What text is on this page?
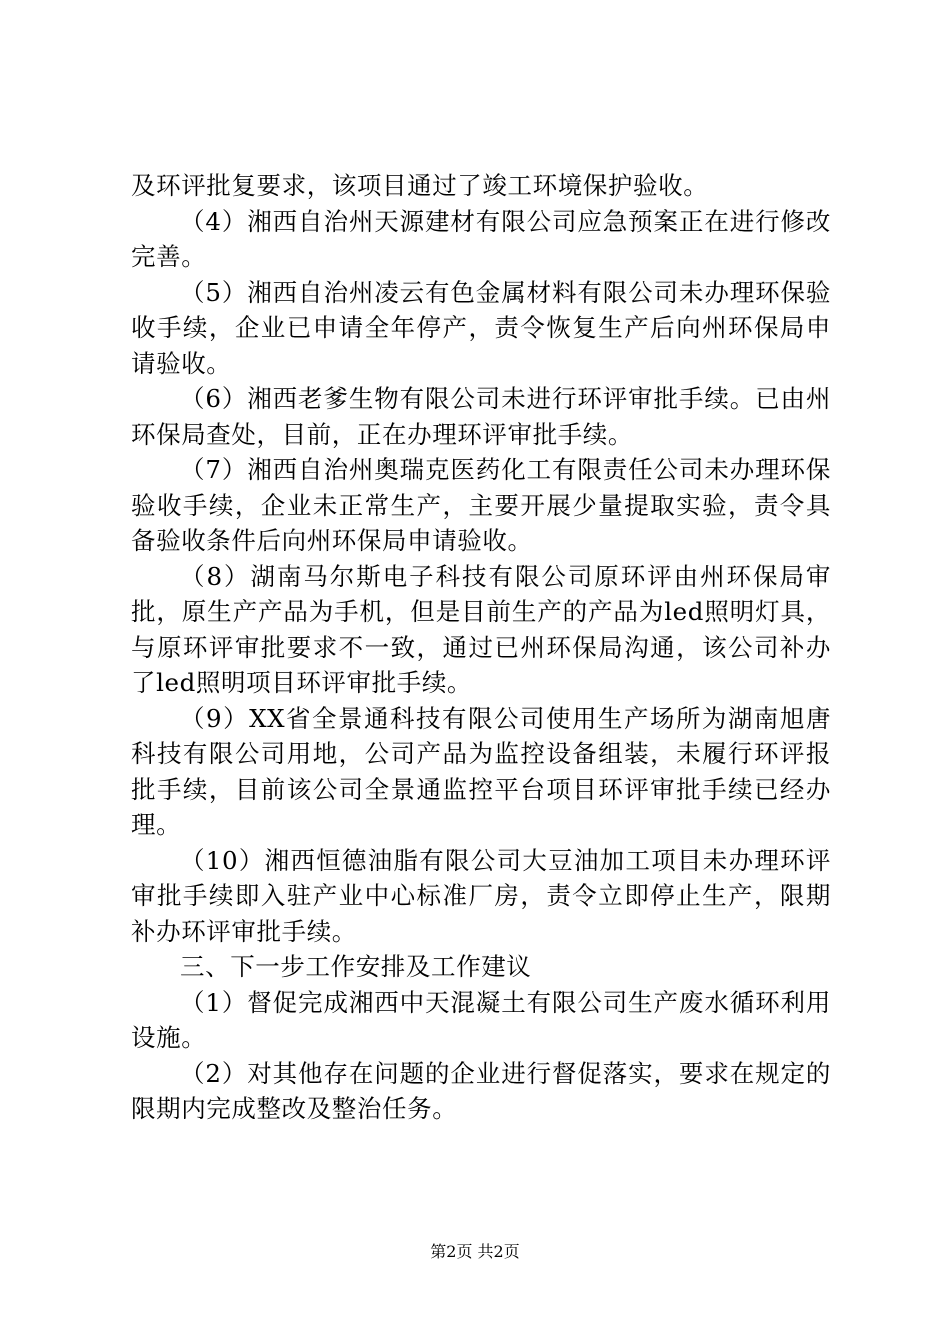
及环评批复要求，该项目通过了竣工环境保护验收。

（4）湘西自治州天源建材有限公司应急预案正在进行修改完善。

（5）湘西自治州凌云有色金属材料有限公司未办理环保验收手续，企业已申请全年停产，责令恢复生产后向州环保局申请验收。

（6）湘西老爹生物有限公司未进行环评审批手续。已由州环保局查处，目前，正在办理环评审批手续。

（7）湘西自治州奥瑞克医药化工有限责任公司未办理环保验收手续，企业未正常生产，主要开展少量提取实验，责令具备验收条件后向州环保局申请验收。

（8）湖南马尔斯电子科技有限公司原环评由州环保局审批，原生产产品为手机，但是目前生产的产品为led照明灯具，与原环评审批要求不一致，通过已州环保局沟通，该公司补办了led照明项目环评审批手续。

（9）XX省全景通科技有限公司使用生产场所为湖南旭唐科技有限公司用地，公司产品为监控设备组装，未履行环评报批手续，目前该公司全景通监控平台项目环评审批手续已经办理。

（10）湘西恒德油脂有限公司大豆油加工项目未办理环评审批手续即入驻产业中心标准厂房，责令立即停止生产，限期补办环评审批手续。

三、下一步工作安排及工作建议

（1）督促完成湘西中天混凝土有限公司生产废水循环利用设施。

（2）对其他存在问题的企业进行督促落实，要求在规定的限期内完成整改及整治任务。

第2页 共2页
